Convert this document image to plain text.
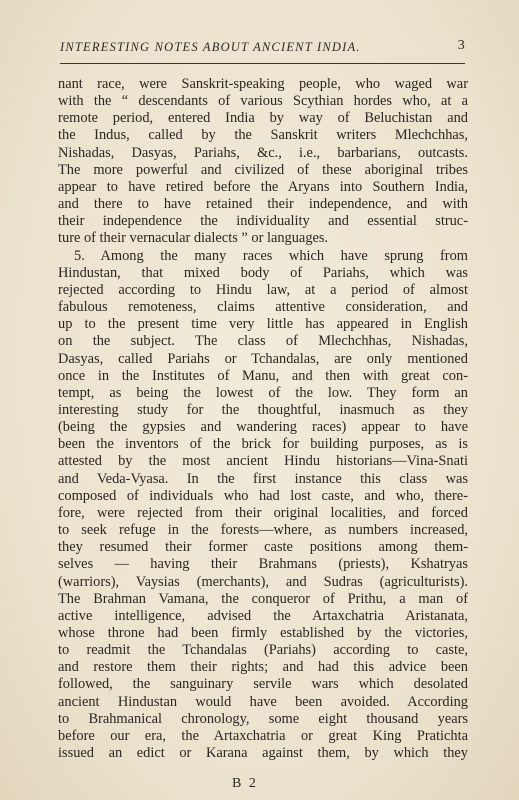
INTERESTING NOTES ABOUT ANCIENT INDIA.	3
nant race, were Sanskrit-speaking people, who waged war
with the “ descendants of various Scythian hordes who, at a
remote period, entered India by way of Beluchistan and
the Indus, called by the Sanskrit writers Mlechchhas,
Nishadas, Dasyas, Pariahs, &c., i.e., barbarians, outcasts.
The more powerful and civilized of these aboriginal tribes
appear to have retired before the Aryans into Southern India,
and there to have retained their independence, and with
their independence the individuality and essential struc-
ture of their vernacular dialects ” or languages.
5. Among the many races which have sprung from
Hindustan, that mixed body of Pariahs, which was
rejected according to Hindu law, at a period of almost
fabulous remoteness, claims attentive consideration, and
up to the present time very little has appeared in English
on the subject. The class of Mlechchhas, Nishadas,
Dasyas, called Pariahs or Tchandalas, are only mentioned
once in the Institutes of Manu, and then with great con-
tempt, as being the lowest of the low. They form an
interesting study for the thoughtful, inasmuch as they
(being the gypsies and wandering races) appear to have
been the inventors of the brick for building purposes, as is
attested by the most ancient Hindu historians—Vina-Snati
and Veda-Vyasa. In the first instance this class was
composed of individuals who had lost caste, and who, there-
fore, were rejected from their original localities, and forced
to seek refuge in the forests—where, as numbers increased,
they resumed their former caste positions among them-
selves — having their Brahmans (priests), Kshatryas
(warriors), Vaysias (merchants), and Sudras (agriculturists).
The Brahman Vamana, the conqueror of Prithu, a man of
active intelligence, advised the Artaxchatria Aristanata,
whose throne had been firmly established by the victories,
to readmit the Tchandalas (Pariahs) according to caste,
and restore them their rights; and had this advice been
followed, the sanguinary servile wars which desolated
ancient Hindustan would have been avoided. According
to Brahmanical chronology, some eight thousand years
before our era, the Artaxchatria or great King Pratichta
issued an edict or Karana against them, by which they
B 2
